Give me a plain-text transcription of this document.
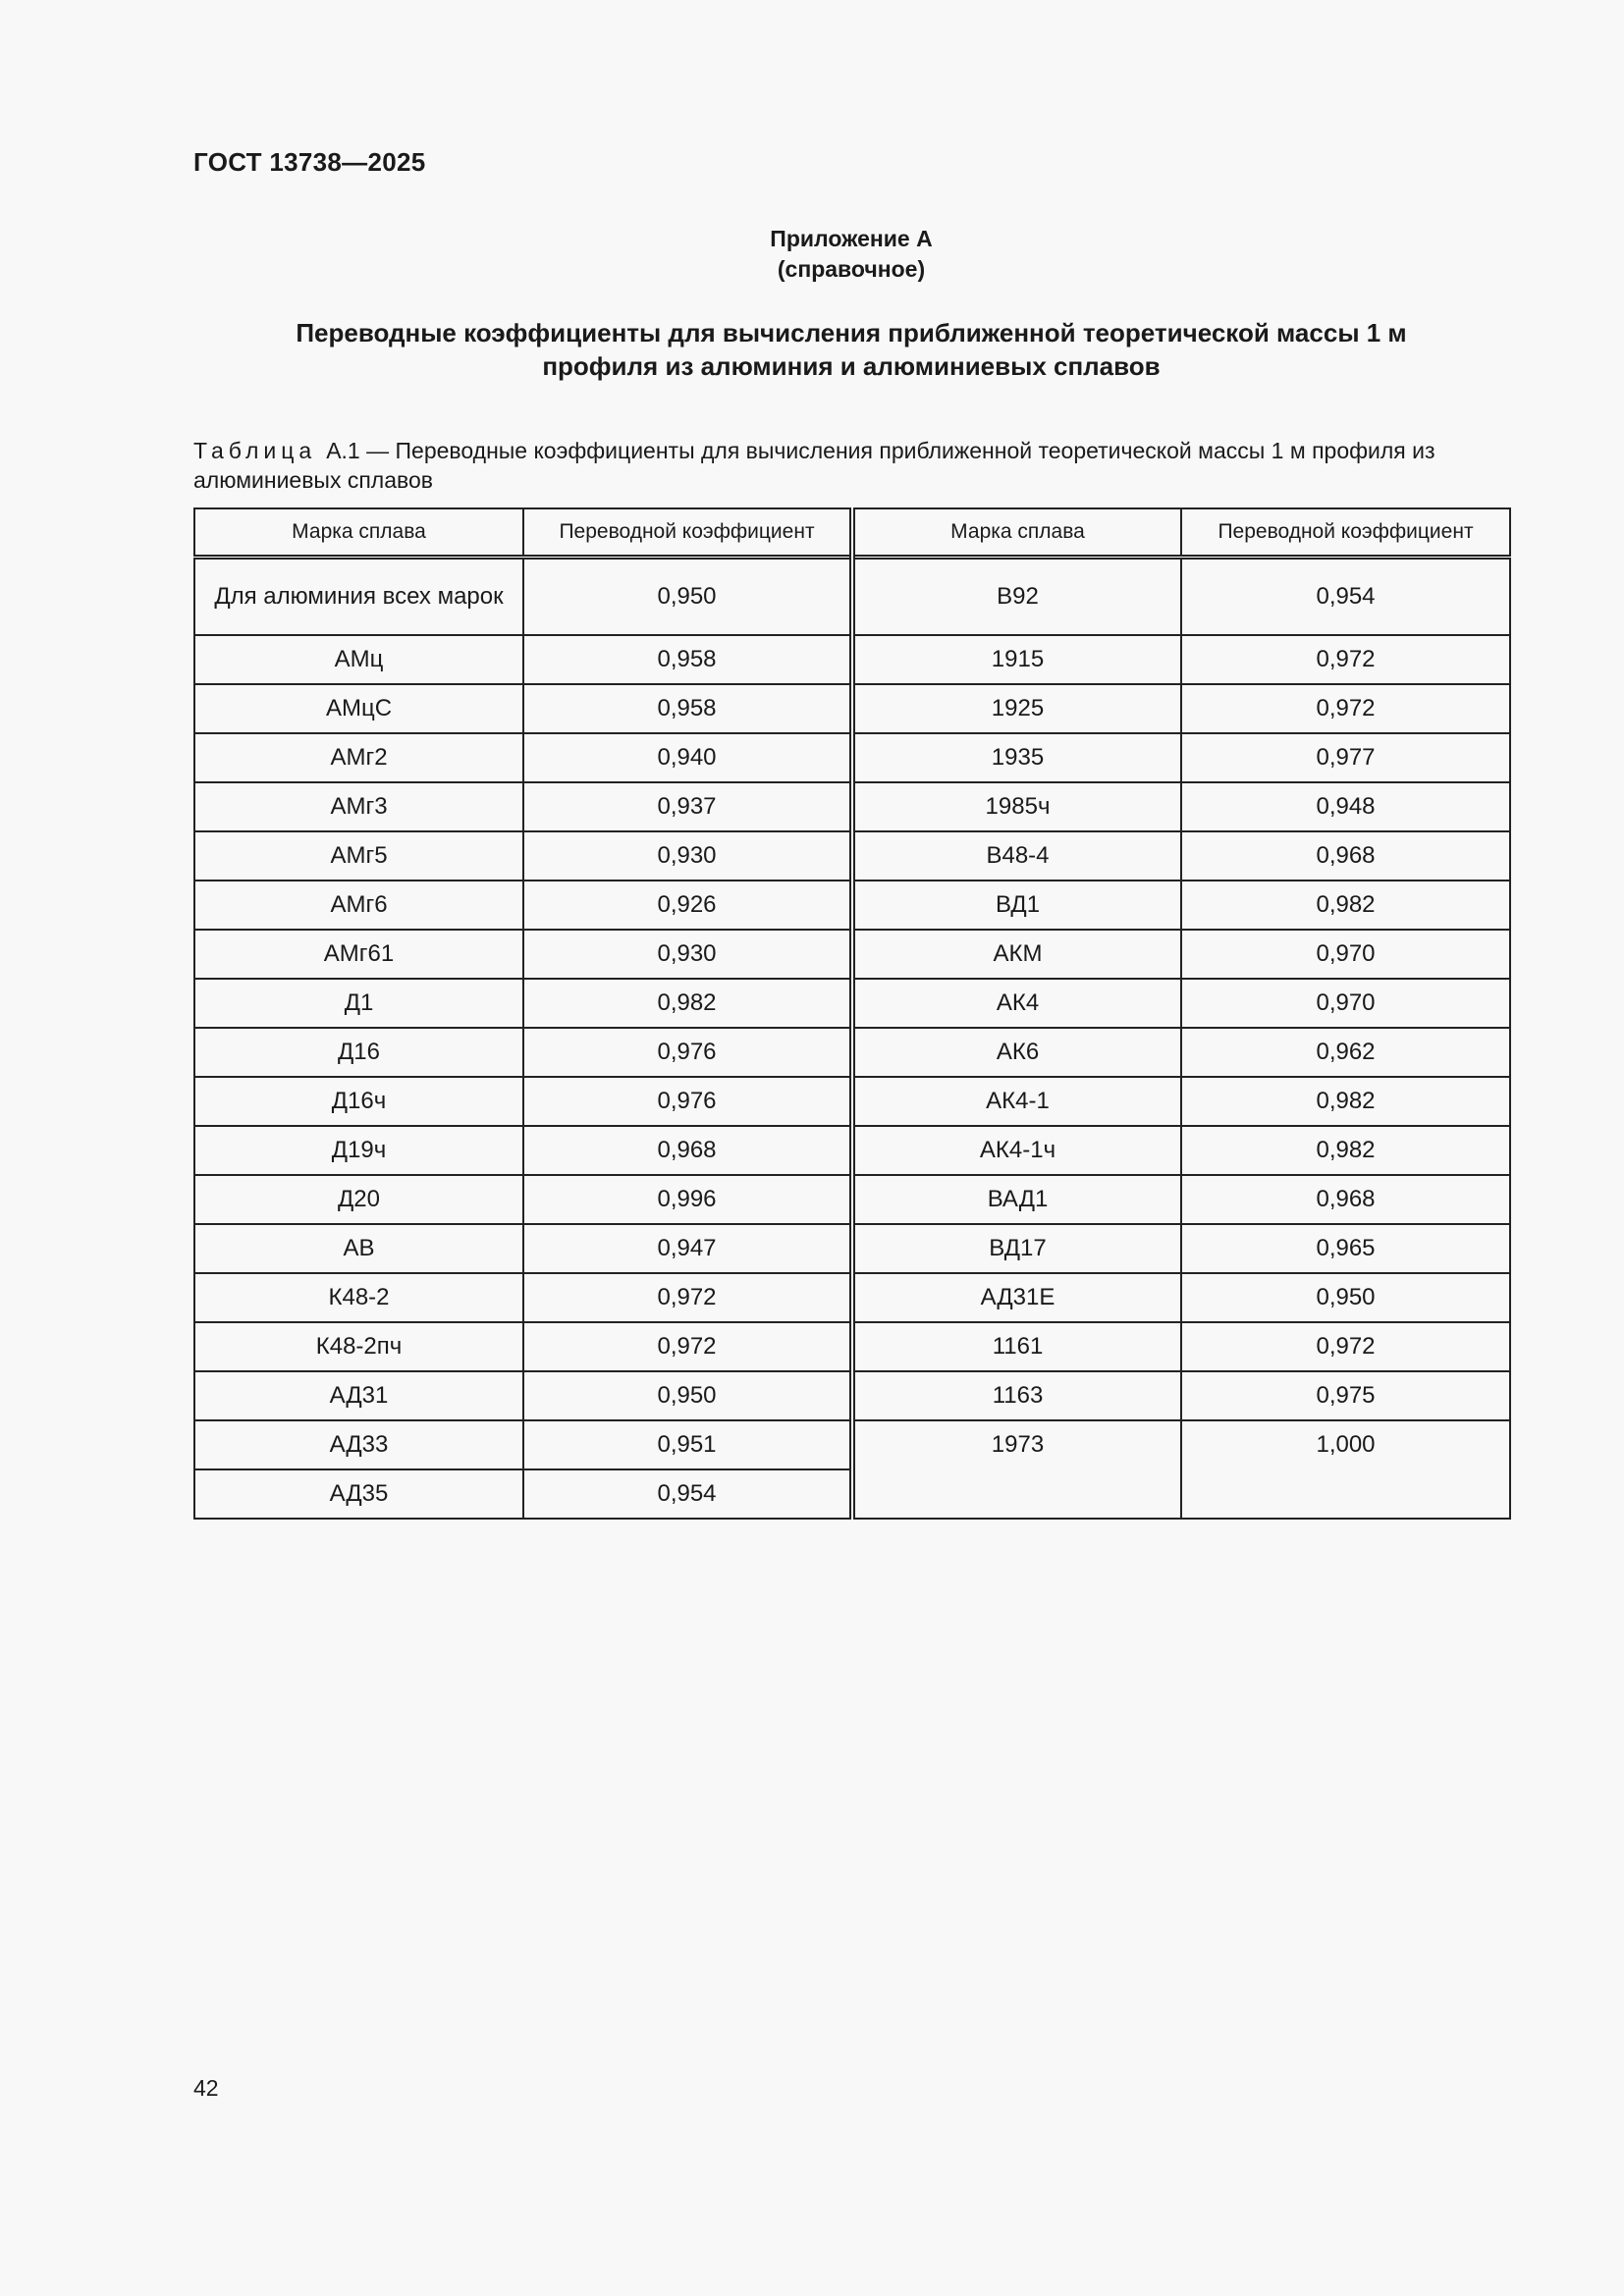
ГОСТ 13738—2025
Приложение А
(справочное)
Переводные коэффициенты для вычисления приближенной теоретической массы 1 м
профиля из алюминия и алюминиевых сплавов
Таблица А.1 — Переводные коэффициенты для вычисления приближенной теоретической массы 1 м профиля из алюминиевых сплавов
Марка сплава	Переводной коэффициент	Марка сплава	Переводной коэффициент
Для алюминия всех марок	0,950	В92	0,954
АМц	0,958	1915	0,972
АМцС	0,958	1925	0,972
АМг2	0,940	1935	0,977
АМг3	0,937	1985ч	0,948
АМг5	0,930	В48-4	0,968
АМг6	0,926	ВД1	0,982
АМг61	0,930	АКМ	0,970
Д1	0,982	АК4	0,970
Д16	0,976	АК6	0,962
Д16ч	0,976	АК4-1	0,982
Д19ч	0,968	АК4-1ч	0,982
Д20	0,996	ВАД1	0,968
АВ	0,947	ВД17	0,965
К48-2	0,972	АД31Е	0,950
К48-2пч	0,972	1161	0,972
АД31	0,950	1163	0,975
АД33	0,951	1973	1,000
АД35	0,954		
42
